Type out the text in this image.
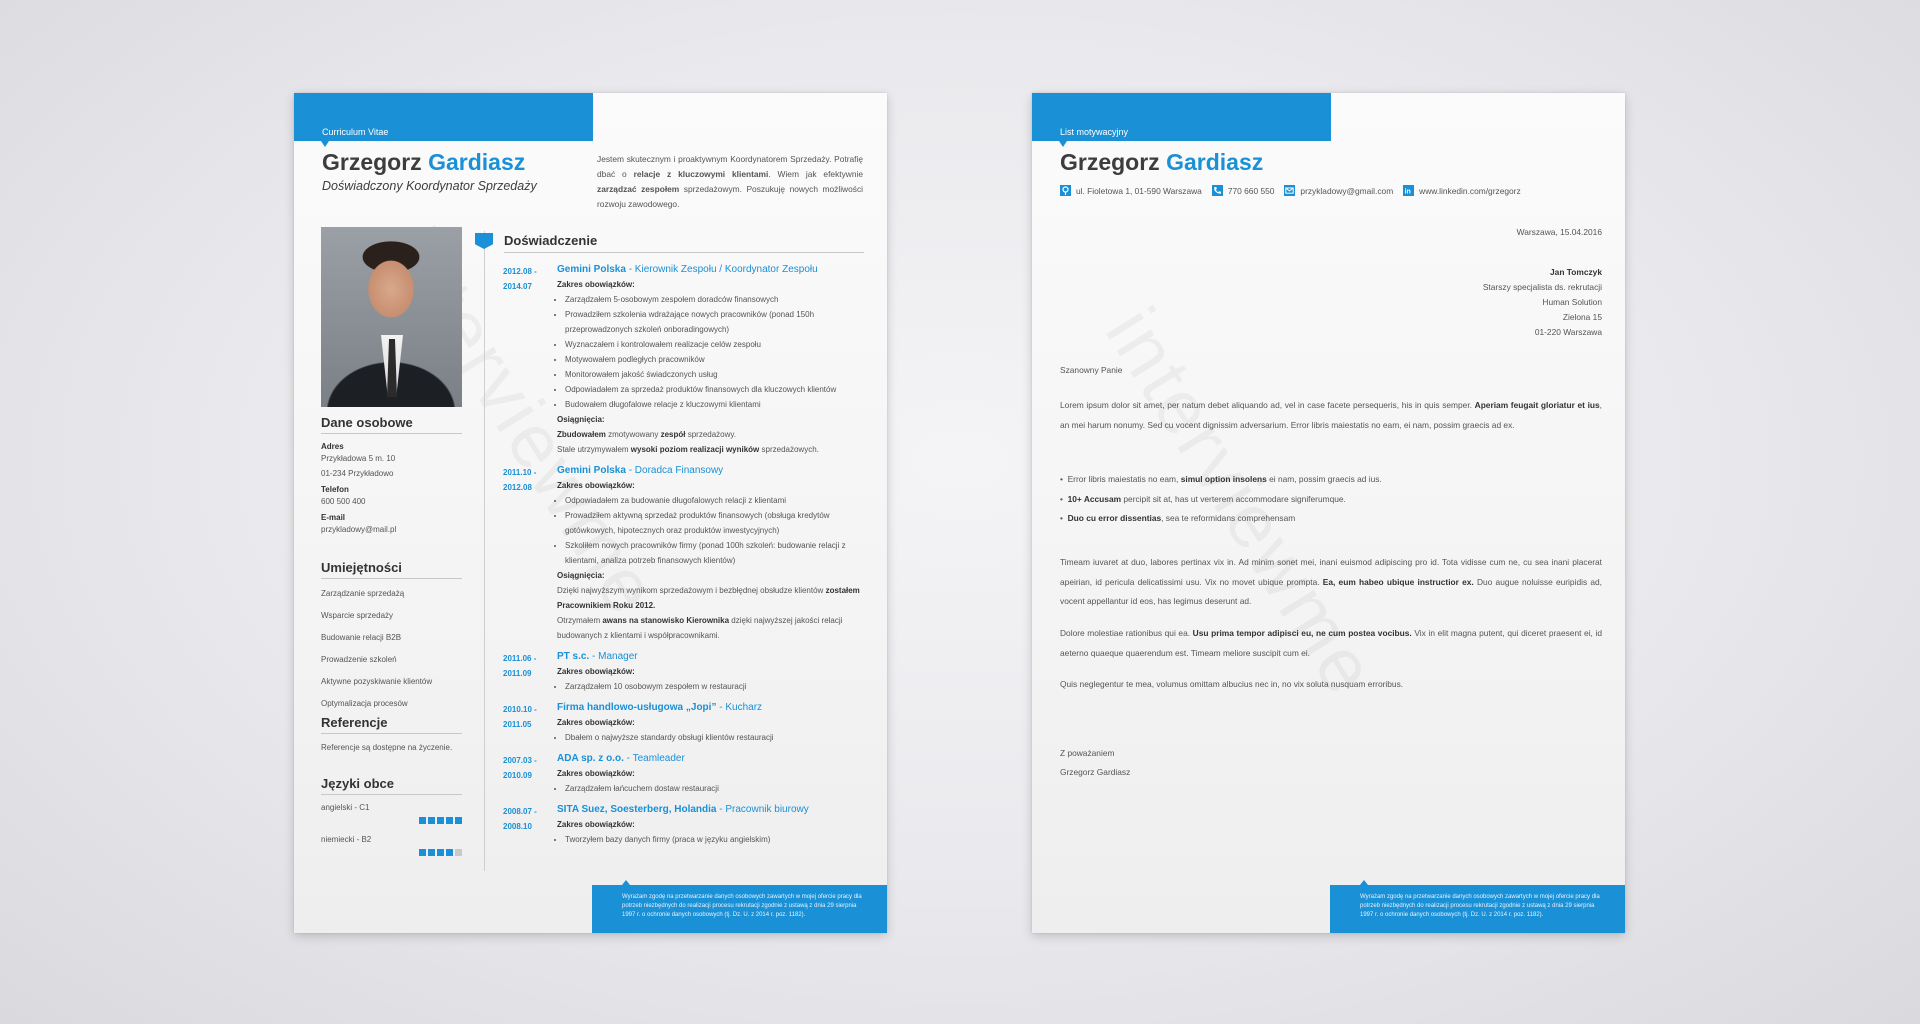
Curriculum Vitae
Grzegorz Gardiasz
Doświadczony Koordynator Sprzedaży
Jestem skutecznym i proaktywnym Koordynatorem Sprzedaży. Potrafię dbać o relacje z kluczowymi klientami. Wiem jak efektywnie zarządzać zespołem sprzedażowym. Poszukuję nowych możliwości rozwoju zawodowego.
Dane osobowe
Adres
Przykładowa 5 m. 10
01-234 Przykładowo
Telefon
600 500 400
E-mail
przykladowy@mail.pl
Umiejętności
Zarządzanie sprzedażą
Wsparcie sprzedaży
Budowanie relacji B2B
Prowadzenie szkoleń
Aktywne pozyskiwanie klientów
Optymalizacja procesów
Referencje
Referencje są dostępne na życzenie.
Języki obce
angielski - C1
niemiecki - B2
Doświadczenie
2012.08 -
2014.07
Gemini Polska - Kierownik Zespołu / Koordynator Zespołu
Zakres obowiązków:
• Zarządzałem 5-osobowym zespołem doradców finansowych
• Prowadziłem szkolenia wdrażające nowych pracowników (ponad 150h przeprowadzonych szkoleń onboradingowych)
• Wyznaczałem i kontrolowałem realizacje celów zespołu
• Motywowałem podległych pracowników
• Monitorowałem jakość świadczonych usług
• Odpowiadałem za sprzedaż produktów finansowych dla kluczowych klientów
• Budowałem długofalowe relacje z kluczowymi klientami
Osiągnięcia:
Zbudowałem zmotywowany zespół sprzedażowy.
Stale utrzymywałem wysoki poziom realizacji wyników sprzedażowych.
2011.10 -
2012.08
Gemini Polska - Doradca Finansowy
Zakres obowiązków:
• Odpowiadałem za budowanie długofalowych relacji z klientami
• Prowadziłem aktywną sprzedaż produktów finansowych (obsługa kredytów gotówkowych, hipotecznych oraz produktów inwestycyjnych)
• Szkoliłem nowych pracowników firmy (ponad 100h szkoleń: budowanie relacji z klientami, analiza potrzeb finansowych klientów)
Osiągnięcia:
Dzięki najwyższym wynikom sprzedażowym i bezbłędnej obsłudze klientów zostałem Pracownikiem Roku 2012.
Otrzymałem awans na stanowisko Kierownika dzięki najwyższej jakości relacji budowanych z klientami i współpracownikami.
2011.06 -
2011.09
PT s.c. - Manager
Zakres obowiązków:
• Zarządzałem 10 osobowym zespołem w restauracji
2010.10 -
2011.05
Firma handlowo-usługowa „Jopi” - Kucharz
Zakres obowiązków:
• Dbałem o najwyższe standardy obsługi klientów restauracji
2007.03 -
2010.09
ADA sp. z o.o. - Teamleader
Zakres obowiązków:
• Zarządzałem łańcuchem dostaw restauracji
2008.07 -
2008.10
SITA Suez, Soesterberg, Holandia - Pracownik biurowy
Zakres obowiązków:
• Tworzyłem bazy danych firmy (praca w języku angielskim)
Wyrażam zgodę na przetwarzanie danych osobowych zawartych w mojej ofercie pracy dla potrzeb niezbędnych do realizacji procesu rekrutacji zgodnie z ustawą z dnia 29 sierpnia 1997 r. o ochronie danych osobowych (tj. Dz. U. z 2014 r. poz. 1182).
List motywacyjny
Grzegorz Gardiasz
ul. Fioletowa 1, 01-590 Warszawa	770 660 550	przykladowy@gmail.com in www.linkedin.com/grzegorz
Warszawa, 15.04.2016
Jan Tomczyk
Starszy specjalista ds. rekrutacji
Human Solution
Zielona 15
01-220 Warszawa
Szanowny Panie

Lorem ipsum dolor sit amet, per natum debet aliquando ad, vel in case facete persequeris, his in quis semper. Aperiam feugait gloriatur et ius, an mei harum nonumy. Sed cu vocent dignissim adversarium. Error libris maiestatis no eam, ei nam, possim graecis ad ex.

•  Error libris maiestatis no eam, simul option insolens ei nam, possim graecis ad ius.

•  10+ Accusam percipit sit at, has ut verterem accommodare signiferumque.

•  Duo cu error dissentias, sea te reformidans comprehensam

Timeam iuvaret at duo, labores pertinax vix in. Ad minim sonet mei, inani euismod adipiscing pro id. Tota vidisse cum ne, cu sea inani placerat apeirian, id pericula delicatissimi usu. Vix no movet ubique prompta. Ea, eum habeo ubique instructior ex. Duo augue noluisse euripidis ad, vocent appellantur id eos, has legimus deserunt ad.

Dolore molestiae rationibus qui ea. Usu prima tempor adipisci eu, ne cum postea vocibus. Vix in elit magna putent, qui diceret praesent ei, id aeterno quaeque quaerendum est. Timeam meliore suscipit cum ei.

Quis neglegentur te mea, volumus omittam albucius nec in, no vix soluta nusquam erroribus.

Z poważaniem
Grzegorz Gardiasz
Wyrażam zgodę na przetwarzanie danych osobowych zawartych w mojej ofercie pracy dla potrzeb niezbędnych do realizacji procesu rekrutacji zgodnie z ustawą z dnia 29 sierpnia 1997 r. o ochronie danych osobowych (tj. Dz. U. z 2014 r. poz. 1182).
